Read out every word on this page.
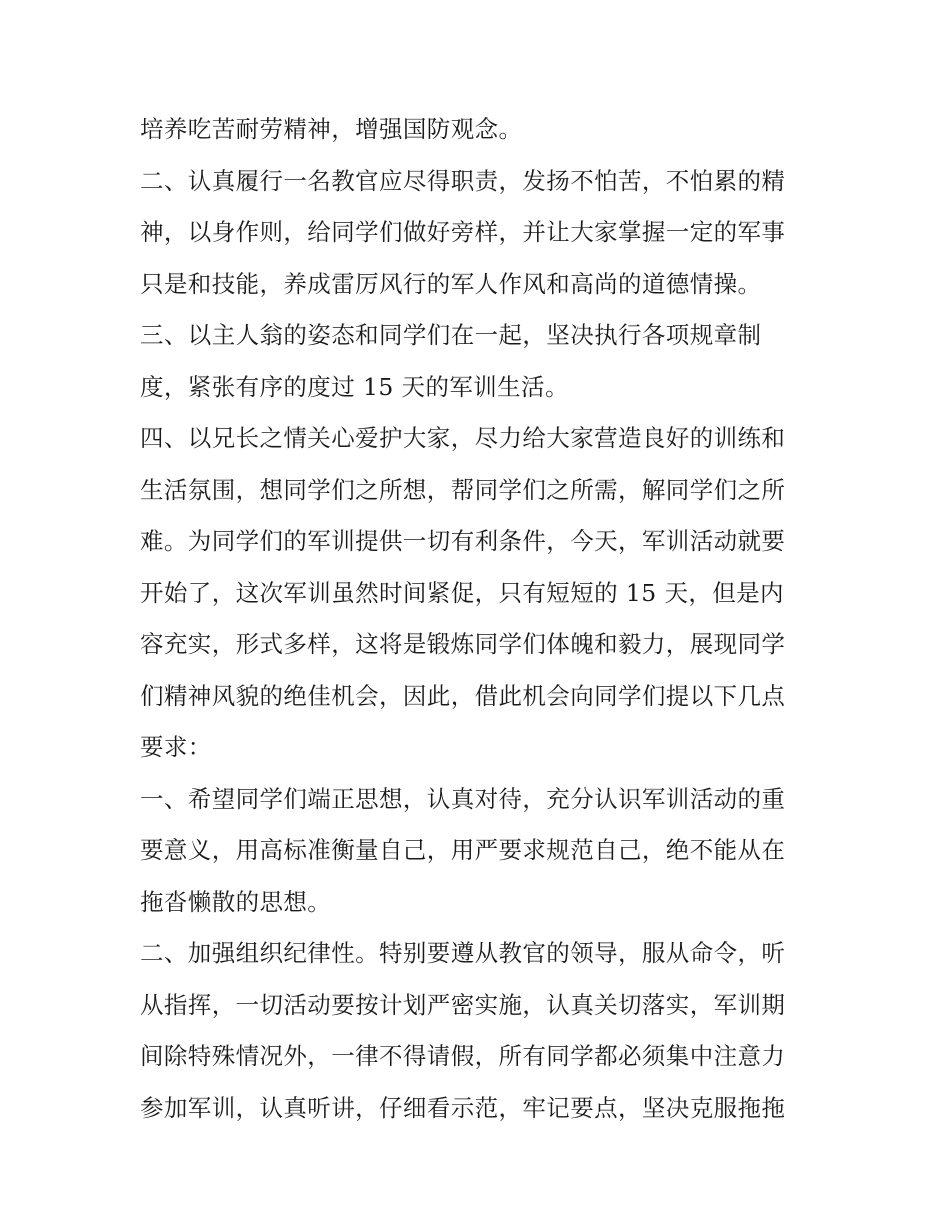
培养吃苦耐劳精神，增强国防观念。
二、认真履行一名教官应尽得职责，发扬不怕苦，不怕累的精
神，以身作则，给同学们做好旁样，并让大家掌握一定的军事
只是和技能，养成雷厉风行的军人作风和高尚的道德情操。
三、以主人翁的姿态和同学们在一起，坚决执行各项规章制
度，紧张有序的度过 15 天的军训生活。
四、以兄长之情关心爱护大家，尽力给大家营造良好的训练和
生活氛围，想同学们之所想，帮同学们之所需，解同学们之所
难。为同学们的军训提供一切有利条件，今天，军训活动就要
开始了，这次军训虽然时间紧促，只有短短的 15 天，但是内
容充实，形式多样，这将是锻炼同学们体魄和毅力，展现同学
们精神风貌的绝佳机会，因此，借此机会向同学们提以下几点
要求：
一、希望同学们端正思想，认真对待，充分认识军训活动的重
要意义，用高标准衡量自己，用严要求规范自己，绝不能从在
拖沓懒散的思想。
二、加强组织纪律性。特别要遵从教官的领导，服从命令，听
从指挥，一切活动要按计划严密实施，认真关切落实，军训期
间除特殊情况外，一律不得请假，所有同学都必须集中注意力
参加军训，认真听讲，仔细看示范，牢记要点，坚决克服拖拖
